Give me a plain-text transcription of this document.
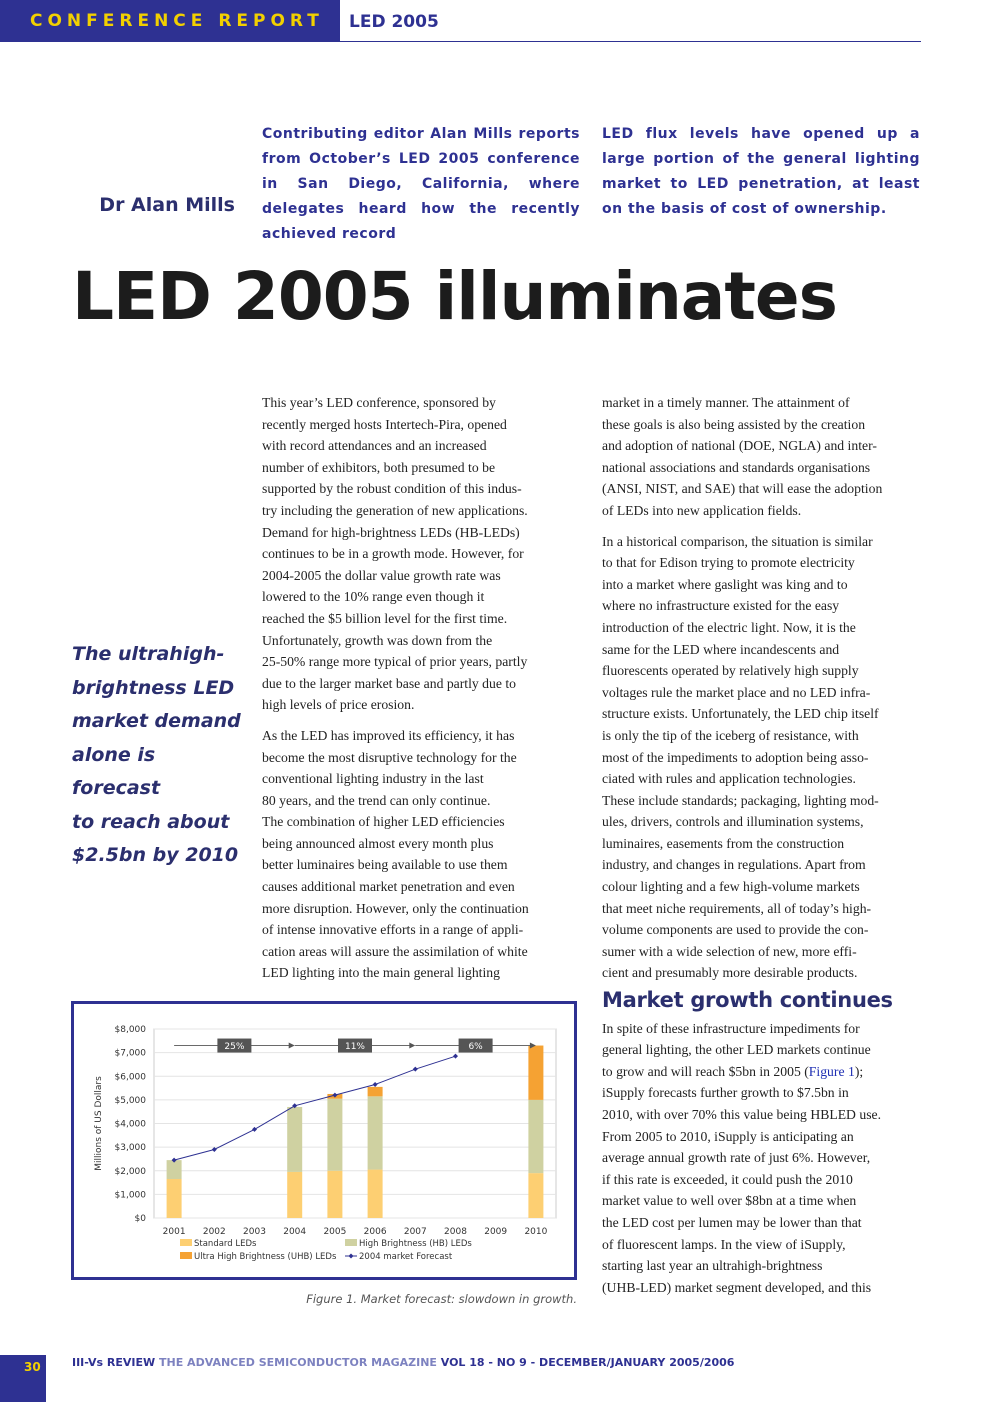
CONFERENCE REPORT LED 2005
Dr Alan Mills
Contributing editor Alan Mills reports from October’s LED 2005 conference in San Diego, California, where delegates heard how the recently achieved record
LED flux levels have opened up a large portion of the general lighting market to LED penetration, at least on the basis of cost of ownership.
LED 2005 illuminates
The ultrahigh-
brightness LED
market demand
alone is forecast
to reach about
$2.5bn by 2010

This year’s LED conference, sponsored by
recently merged hosts Intertech-Pira, opened
with record attendances and an increased
number of exhibitors, both presumed to be
supported by the robust condition of this indus-
try including the generation of new applications.
Demand for high-brightness LEDs (HB-LEDs)
continues to be in a growth mode. However, for
2004-2005 the dollar value growth rate was
lowered to the 10% range even though it
reached the $5 billion level for the first time.
Unfortunately, growth was down from the
25-50% range more typical of prior years, partly
due to the larger market base and partly due to
high levels of price erosion.

As the LED has improved its efficiency, it has
become the most disruptive technology for the
conventional lighting industry in the last
80 years, and the trend can only continue.
The combination of higher LED efficiencies
being announced almost every month plus
better luminaires being available to use them
causes additional market penetration and even
more disruption. However, only the continuation
of intense innovative efforts in a range of appli-
cation areas will assure the assimilation of white
LED lighting into the main general lighting

market in a timely manner. The attainment of
these goals is also being assisted by the creation
and adoption of national (DOE, NGLA) and inter-
national associations and standards organisations
(ANSI, NIST, and SAE) that will ease the adoption
of LEDs into new application fields.

In a historical comparison, the situation is similar
to that for Edison trying to promote electricity
into a market where gaslight was king and to
where no infrastructure existed for the easy
introduction of the electric light. Now, it is the
same for the LED where incandescents and
fluorescents operated by relatively high supply
voltages rule the market place and no LED infra-
structure exists. Unfortunately, the LED chip itself
is only the tip of the iceberg of resistance, with
most of the impediments to adoption being asso-
ciated with rules and application technologies.
These include standards; packaging, lighting mod-
ules, drivers, controls and illumination systems,
luminaires, easements from the construction
industry, and changes in regulations. Apart from
colour lighting and a few high-volume markets
that meet niche requirements, all of today’s high-
volume components are used to provide the con-
sumer with a wide selection of new, more effi-
cient and presumably more desirable products.

Market growth continues

In spite of these infrastructure impediments for
general lighting, the other LED markets continue
to grow and will reach $5bn in 2005 (Figure 1);
iSupply forecasts further growth to $7.5bn in
2010, with over 70% this value being HBLED use.
From 2005 to 2010, iSupply is anticipating an
average annual growth rate of just 6%. However,
if this rate is exceeded, it could push the 2010
market value to well over $8bn at a time when
the LED cost per lumen may be lower than that
of fluorescent lamps. In the view of iSupply,
starting last year an ultrahigh-brightness
(UHB-LED) market segment developed, and this

$0
$1,000
$2,000
$3,000
$4,000
$5,000
$6,000
$7,000
$8,000
Millions of US Dollars
2001 2002 2003 2004 2005 2006 2007 2008 2009 2010
25%	11%	6%
Standard LEDs	High Brightness (HB) LEDs
Ultra High Brightness (UHB) LEDs	2004 market Forecast
Figure 1. Market forecast: slowdown in growth.
30	III-Vs REVIEW THE ADVANCED SEMICONDUCTOR MAGAZINE VOL 18 - NO 9 - DECEMBER/JANUARY 2005/2006
